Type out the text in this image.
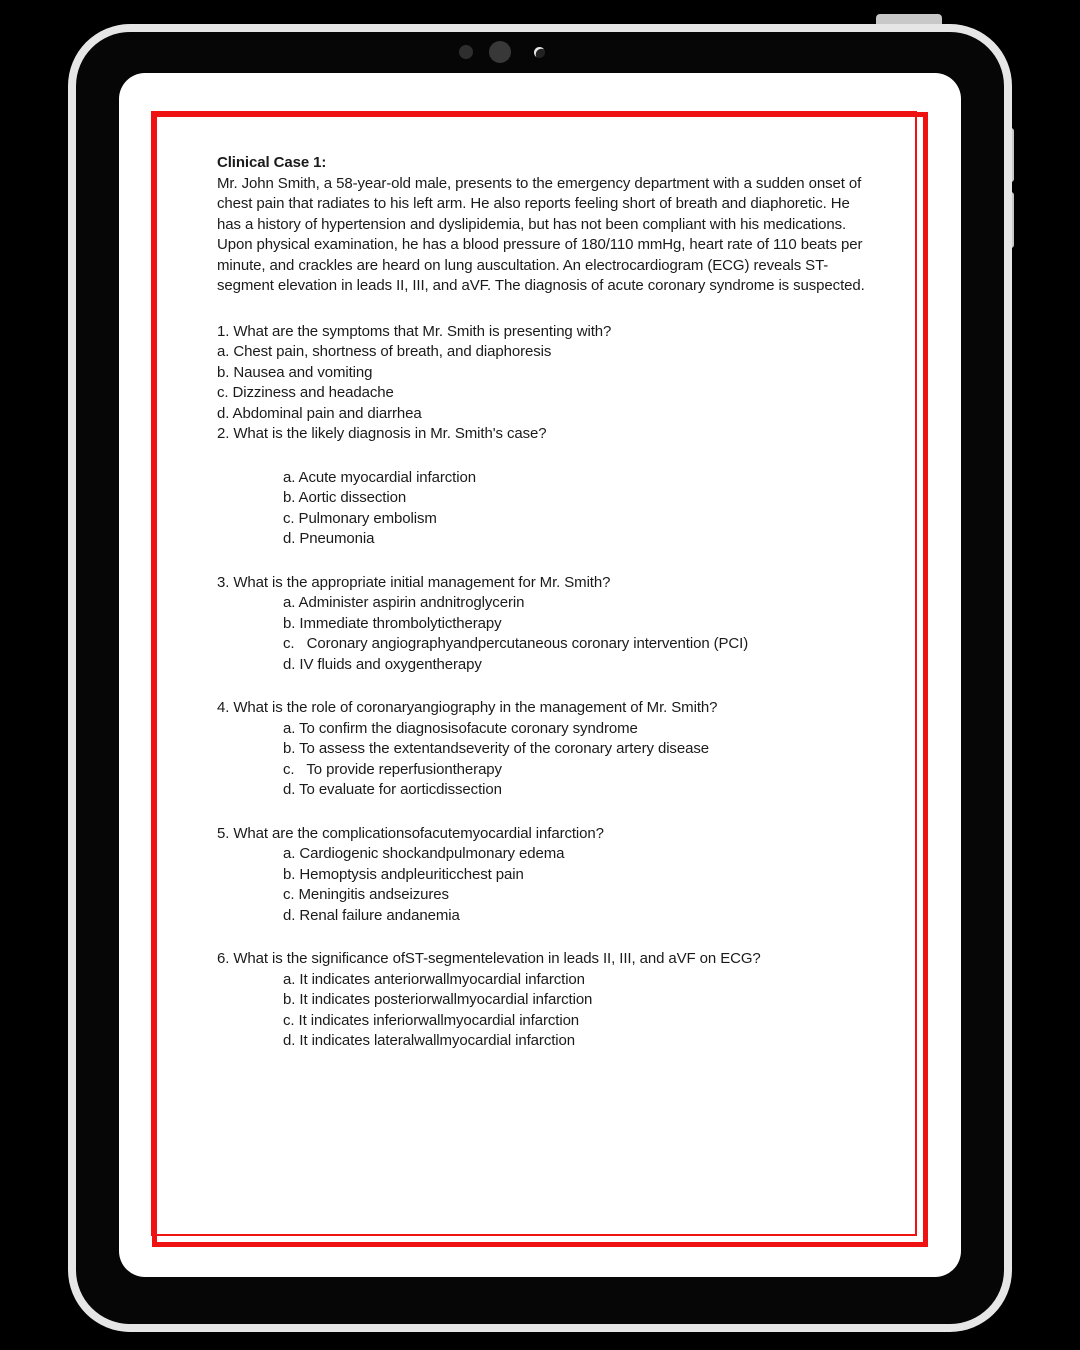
Clinical Case 1:

Mr. John Smith, a 58-year-old male, presents to the emergency department with a sudden onset of chest pain that radiates to his left arm. He also reports feeling short of breath and diaphoretic. He has a history of hypertension and dyslipidemia, but has not been compliant with his medications. Upon physical examination, he has a blood pressure of 180/110 mmHg, heart rate of 110 beats per minute, and crackles are heard on lung auscultation. An electrocardiogram (ECG) reveals ST-segment elevation in leads II, III, and aVF. The diagnosis of acute coronary syndrome is suspected.

1. What are the symptoms that Mr. Smith is presenting with?
a. Chest pain, shortness of breath, and diaphoresis
b. Nausea and vomiting
c. Dizziness and headache
d. Abdominal pain and diarrhea
2. What is the likely diagnosis in Mr. Smith's case?
a. Acute myocardial infarction
b. Aortic dissection
c. Pulmonary embolism
d. Pneumonia
3. What is the appropriate initial management for Mr. Smith?
a. Administer aspirin andnitroglycerin
b. Immediate thrombolytictherapy
c.   Coronary angiographyandpercutaneous coronary intervention (PCI)
d. IV fluids and oxygentherapy
4. What is the role of coronaryangiography in the management of Mr. Smith?
a. To confirm the diagnosisofacute coronary syndrome
b. To assess the extentandseverity of the coronary artery disease
c.   To provide reperfusiontherapy
d. To evaluate for aorticdissection
5. What are the complicationsofacutemyocardial infarction?
a. Cardiogenic shockandpulmonary edema
b. Hemoptysis andpleuriticchest pain
c. Meningitis andseizures
d. Renal failure andanemia
6. What is the significance ofST-segmentelevation in leads II, III, and aVF on ECG?
a. It indicates anteriorwallmyocardial infarction
b. It indicates posteriorwallmyocardial infarction
c. It indicates inferiorwallmyocardial infarction
d. It indicates lateralwallmyocardial infarction
